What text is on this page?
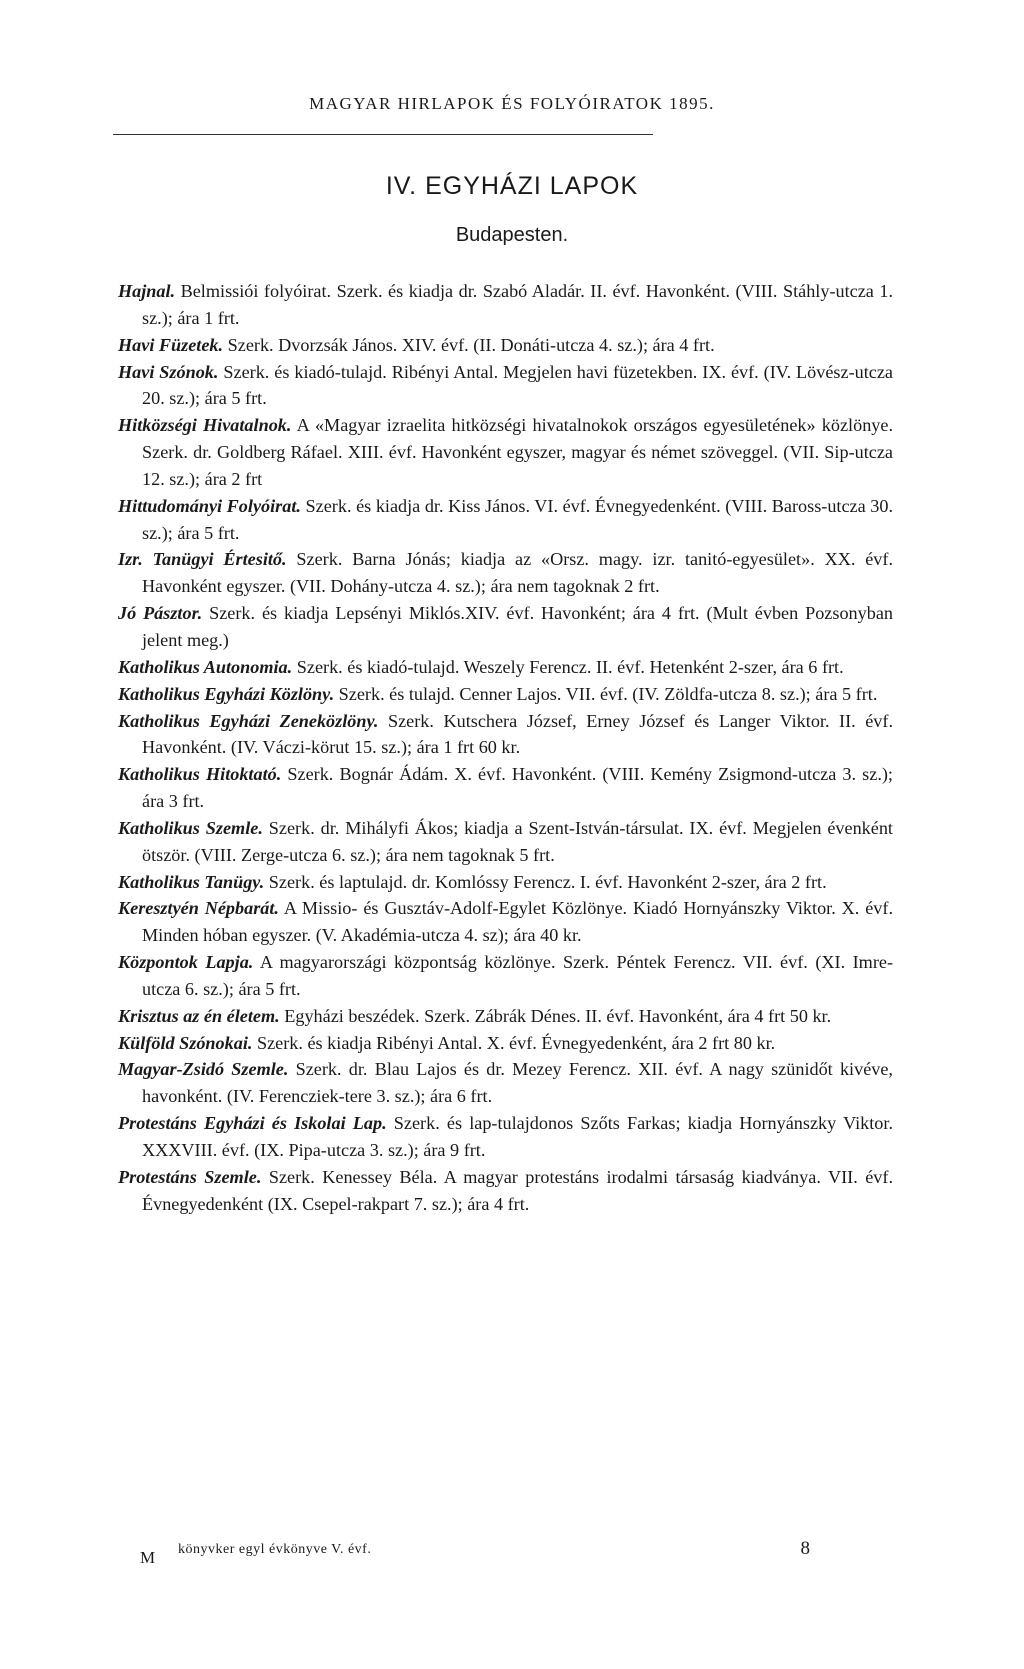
MAGYAR HIRLAPOK ÉS FOLYÓIRATOK 1895.
IV. EGYHÁZI LAPOK
Budapesten.

Hajnal. Belmissiói folyóirat. Szerk. és kiadja dr. Szabó Aladár. II. évf. Havonként. (VIII. Stáhly-utcza 1. sz.); ára 1 frt.

Havi Füzetek. Szerk. Dvorzsák János. XIV. évf. (II. Donáti-utcza 4. sz.); ára 4 frt.

Havi Szónok. Szerk. és kiadó-tulajd. Ribényi Antal. Megjelen havi füzetekben. IX. évf. (IV. Lövész-utcza 20. sz.); ára 5 frt.

Hitközségi Hivatalnok. A «Magyar izraelita hitközségi hivatalnokok országos egyesületének» közlönye. Szerk. dr. Goldberg Ráfael. XIII. évf. Havonként egyszer, magyar és német szöveggel. (VII. Sip-utcza 12. sz.); ára 2 frt

Hittudományi Folyóirat. Szerk. és kiadja dr. Kiss János. VI. évf. Évnegyedenként. (VIII. Baross-utcza 30. sz.); ára 5 frt.

Izr. Tanügyi Értesitő. Szerk. Barna Jónás; kiadja az «Orsz. magy. izr. tanitó-egyesület». XX. évf. Havonként egyszer. (VII. Dohány-utcza 4. sz.); ára nem tagoknak 2 frt.

Jó Pásztor. Szerk. és kiadja Lepsényi Miklós.XIV. évf. Havonként; ára 4 frt. (Mult évben Pozsonyban jelent meg.)

Katholikus Autonomia. Szerk. és kiadó-tulajd. Weszely Ferencz. II. évf. Hetenként 2-szer, ára 6 frt.

Katholikus Egyházi Közlöny. Szerk. és tulajd. Cenner Lajos. VII. évf. (IV. Zöldfa-utcza 8. sz.); ára 5 frt.

Katholikus Egyházi Zeneközlöny. Szerk. Kutschera József, Erney József és Langer Viktor. II. évf. Havonként. (IV. Váczi-körut 15. sz.); ára 1 frt 60 kr.

Katholikus Hitoktató. Szerk. Bognár Ádám. X. évf. Havonként. (VIII. Kemény Zsigmond-utcza 3. sz.); ára 3 frt.

Katholikus Szemle. Szerk. dr. Mihályfi Ákos; kiadja a Szent-István-társulat. IX. évf. Megjelen évenként ötször. (VIII. Zerge-utcza 6. sz.); ára nem tagoknak 5 frt.

Katholikus Tanügy. Szerk. és laptulajd. dr. Komlóssy Ferencz. I. évf. Havonként 2-szer, ára 2 frt.

Keresztyén Népbarát. A Missio- és Gusztáv-Adolf-Egylet Közlönye. Kiadó Hornyánszky Viktor. X. évf. Minden hóban egyszer. (V. Akadémia-utcza 4. sz); ára 40 kr.

Központok Lapja. A magyarországi központság közlönye. Szerk. Péntek Ferencz. VII. évf. (XI. Imre-utcza 6. sz.); ára 5 frt.

Krisztus az én életem. Egyházi beszédek. Szerk. Zábrák Dénes. II. évf. Havonként, ára 4 frt 50 kr.

Külföld Szónokai. Szerk. és kiadja Ribényi Antal. X. évf. Évnegyedenként, ára 2 frt 80 kr.

Magyar-Zsidó Szemle. Szerk. dr. Blau Lajos és dr. Mezey Ferencz. XII. évf. A nagy szünidőt kivéve, havonként. (IV. Ferencziek-tere 3. sz.); ára 6 frt.

Protestáns Egyházi és Iskolai Lap. Szerk. és lap-tulajdonos Szőts Farkas; kiadja Hornyánszky Viktor. XXXVIII. évf. (IX. Pipa-utcza 3. sz.); ára 9 frt.

Protestáns Szemle. Szerk. Kenessey Béla. A magyar protestáns irodalmi társaság kiadványa. VII. évf. Évnegyedenként (IX. Csepel-rakpart 7. sz.); ára 4 frt.

M könyvker egyl évkönyve V. évf.	8
